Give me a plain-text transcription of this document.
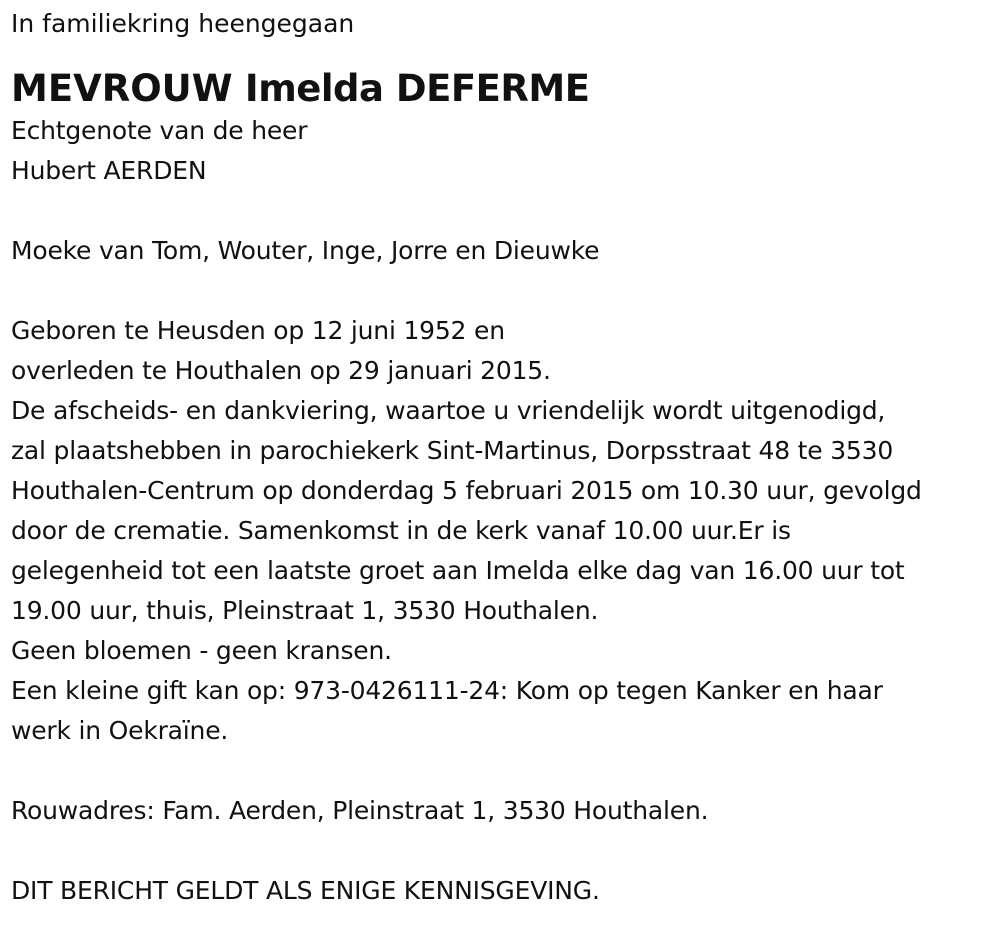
In familiekring heengegaan
MEVROUW Imelda DEFERME
Echtgenote van de heer
Hubert AERDEN
Moeke van Tom, Wouter, Inge, Jorre en Dieuwke
Geboren te Heusden op 12 juni 1952 en
overleden te Houthalen op 29 januari 2015.
De afscheids- en dankviering, waartoe u vriendelijk wordt uitgenodigd,
zal plaatshebben in parochiekerk Sint-Martinus, Dorpsstraat 48 te 3530
Houthalen-Centrum op donderdag 5 februari 2015 om 10.30 uur, gevolgd
door de crematie. Samenkomst in de kerk vanaf 10.00 uur.Er is
gelegenheid tot een laatste groet aan Imelda elke dag van 16.00 uur tot
19.00 uur, thuis, Pleinstraat 1, 3530 Houthalen.
Geen bloemen - geen kransen.
Een kleine gift kan op: 973-0426111-24: Kom op tegen Kanker en haar
werk in Oekraïne.
Rouwadres: Fam. Aerden, Pleinstraat 1, 3530 Houthalen.
DIT BERICHT GELDT ALS ENIGE KENNISGEVING.
